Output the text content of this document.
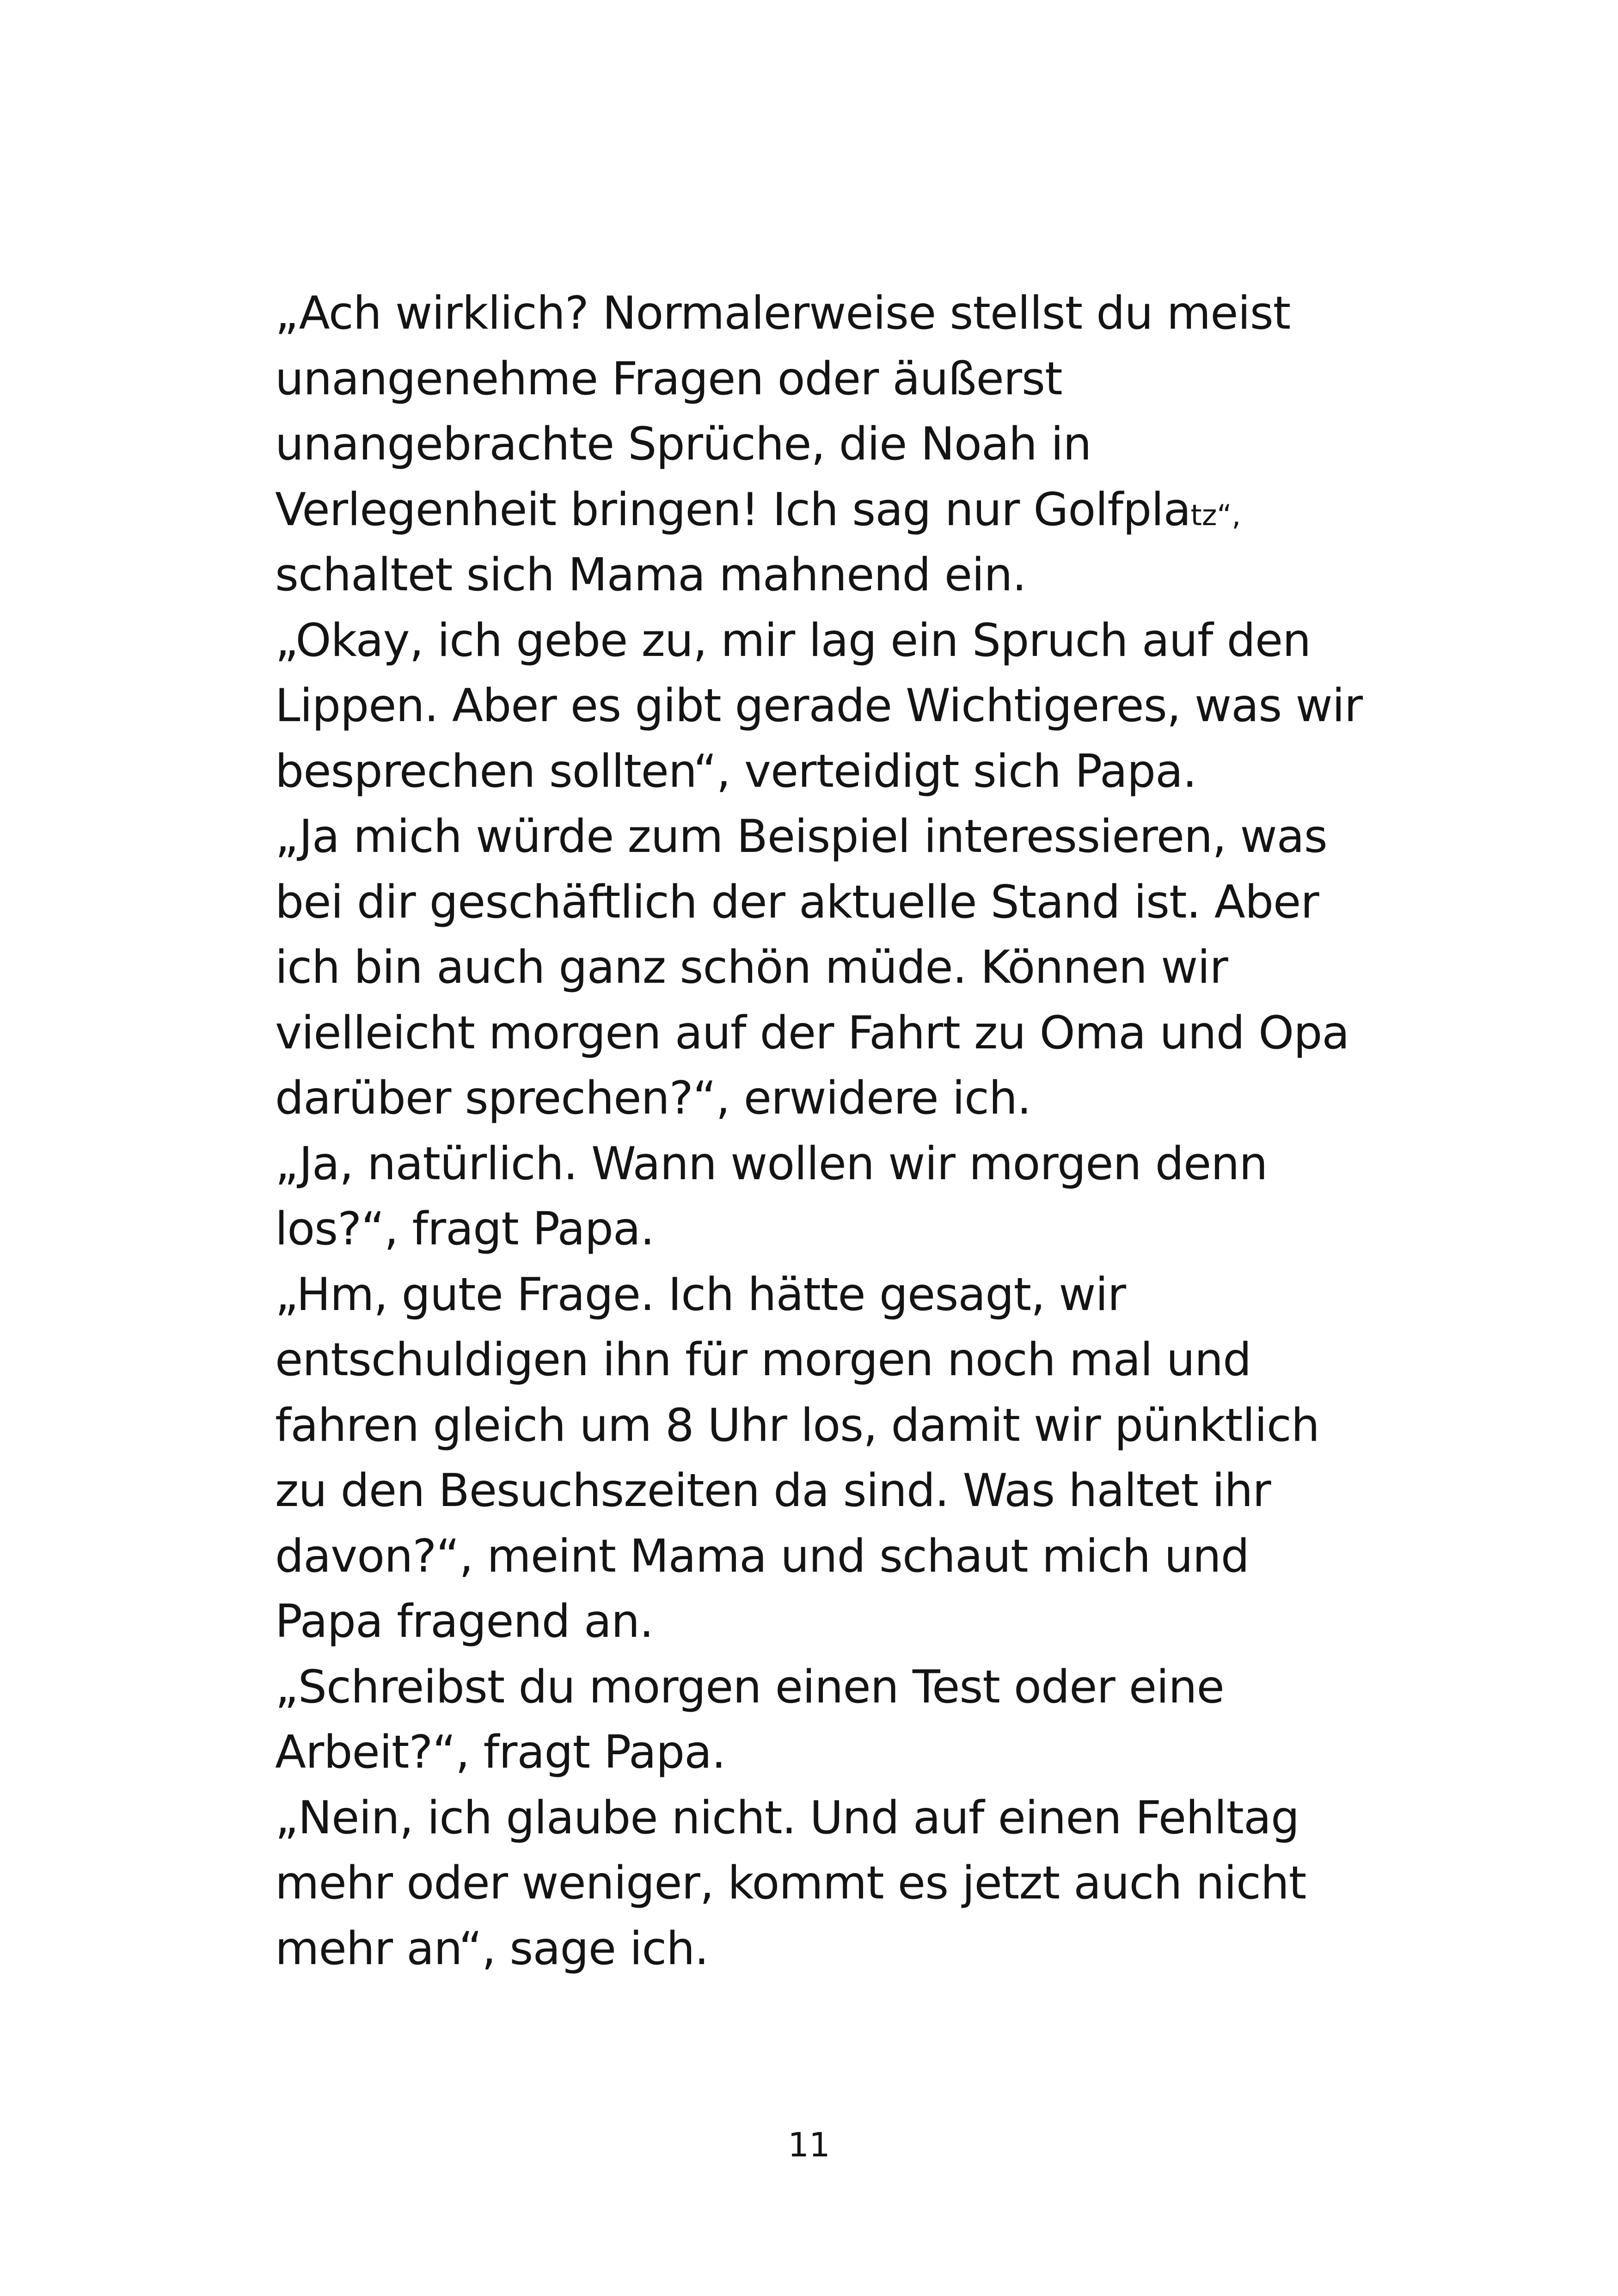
„Ach wirklich? Normalerweise stellst du meist
unangenehme Fragen oder äußerst
unangebrachte Sprüche, die Noah in
Verlegenheit bringen! Ich sag nur Golfplatz“,
schaltet sich Mama mahnend ein.
„Okay, ich gebe zu, mir lag ein Spruch auf den
Lippen. Aber es gibt gerade Wichtigeres, was wir
besprechen sollten“, verteidigt sich Papa.
„Ja mich würde zum Beispiel interessieren, was
bei dir geschäftlich der aktuelle Stand ist. Aber
ich bin auch ganz schön müde. Können wir
vielleicht morgen auf der Fahrt zu Oma und Opa
darüber sprechen?“, erwidere ich.
„Ja, natürlich. Wann wollen wir morgen denn
los?“, fragt Papa.
„Hm, gute Frage. Ich hätte gesagt, wir
entschuldigen ihn für morgen noch mal und
fahren gleich um 8 Uhr los, damit wir pünktlich
zu den Besuchszeiten da sind. Was haltet ihr
davon?“, meint Mama und schaut mich und
Papa fragend an.
„Schreibst du morgen einen Test oder eine
Arbeit?“, fragt Papa.
„Nein, ich glaube nicht. Und auf einen Fehltag
mehr oder weniger, kommt es jetzt auch nicht
mehr an“, sage ich.
11
